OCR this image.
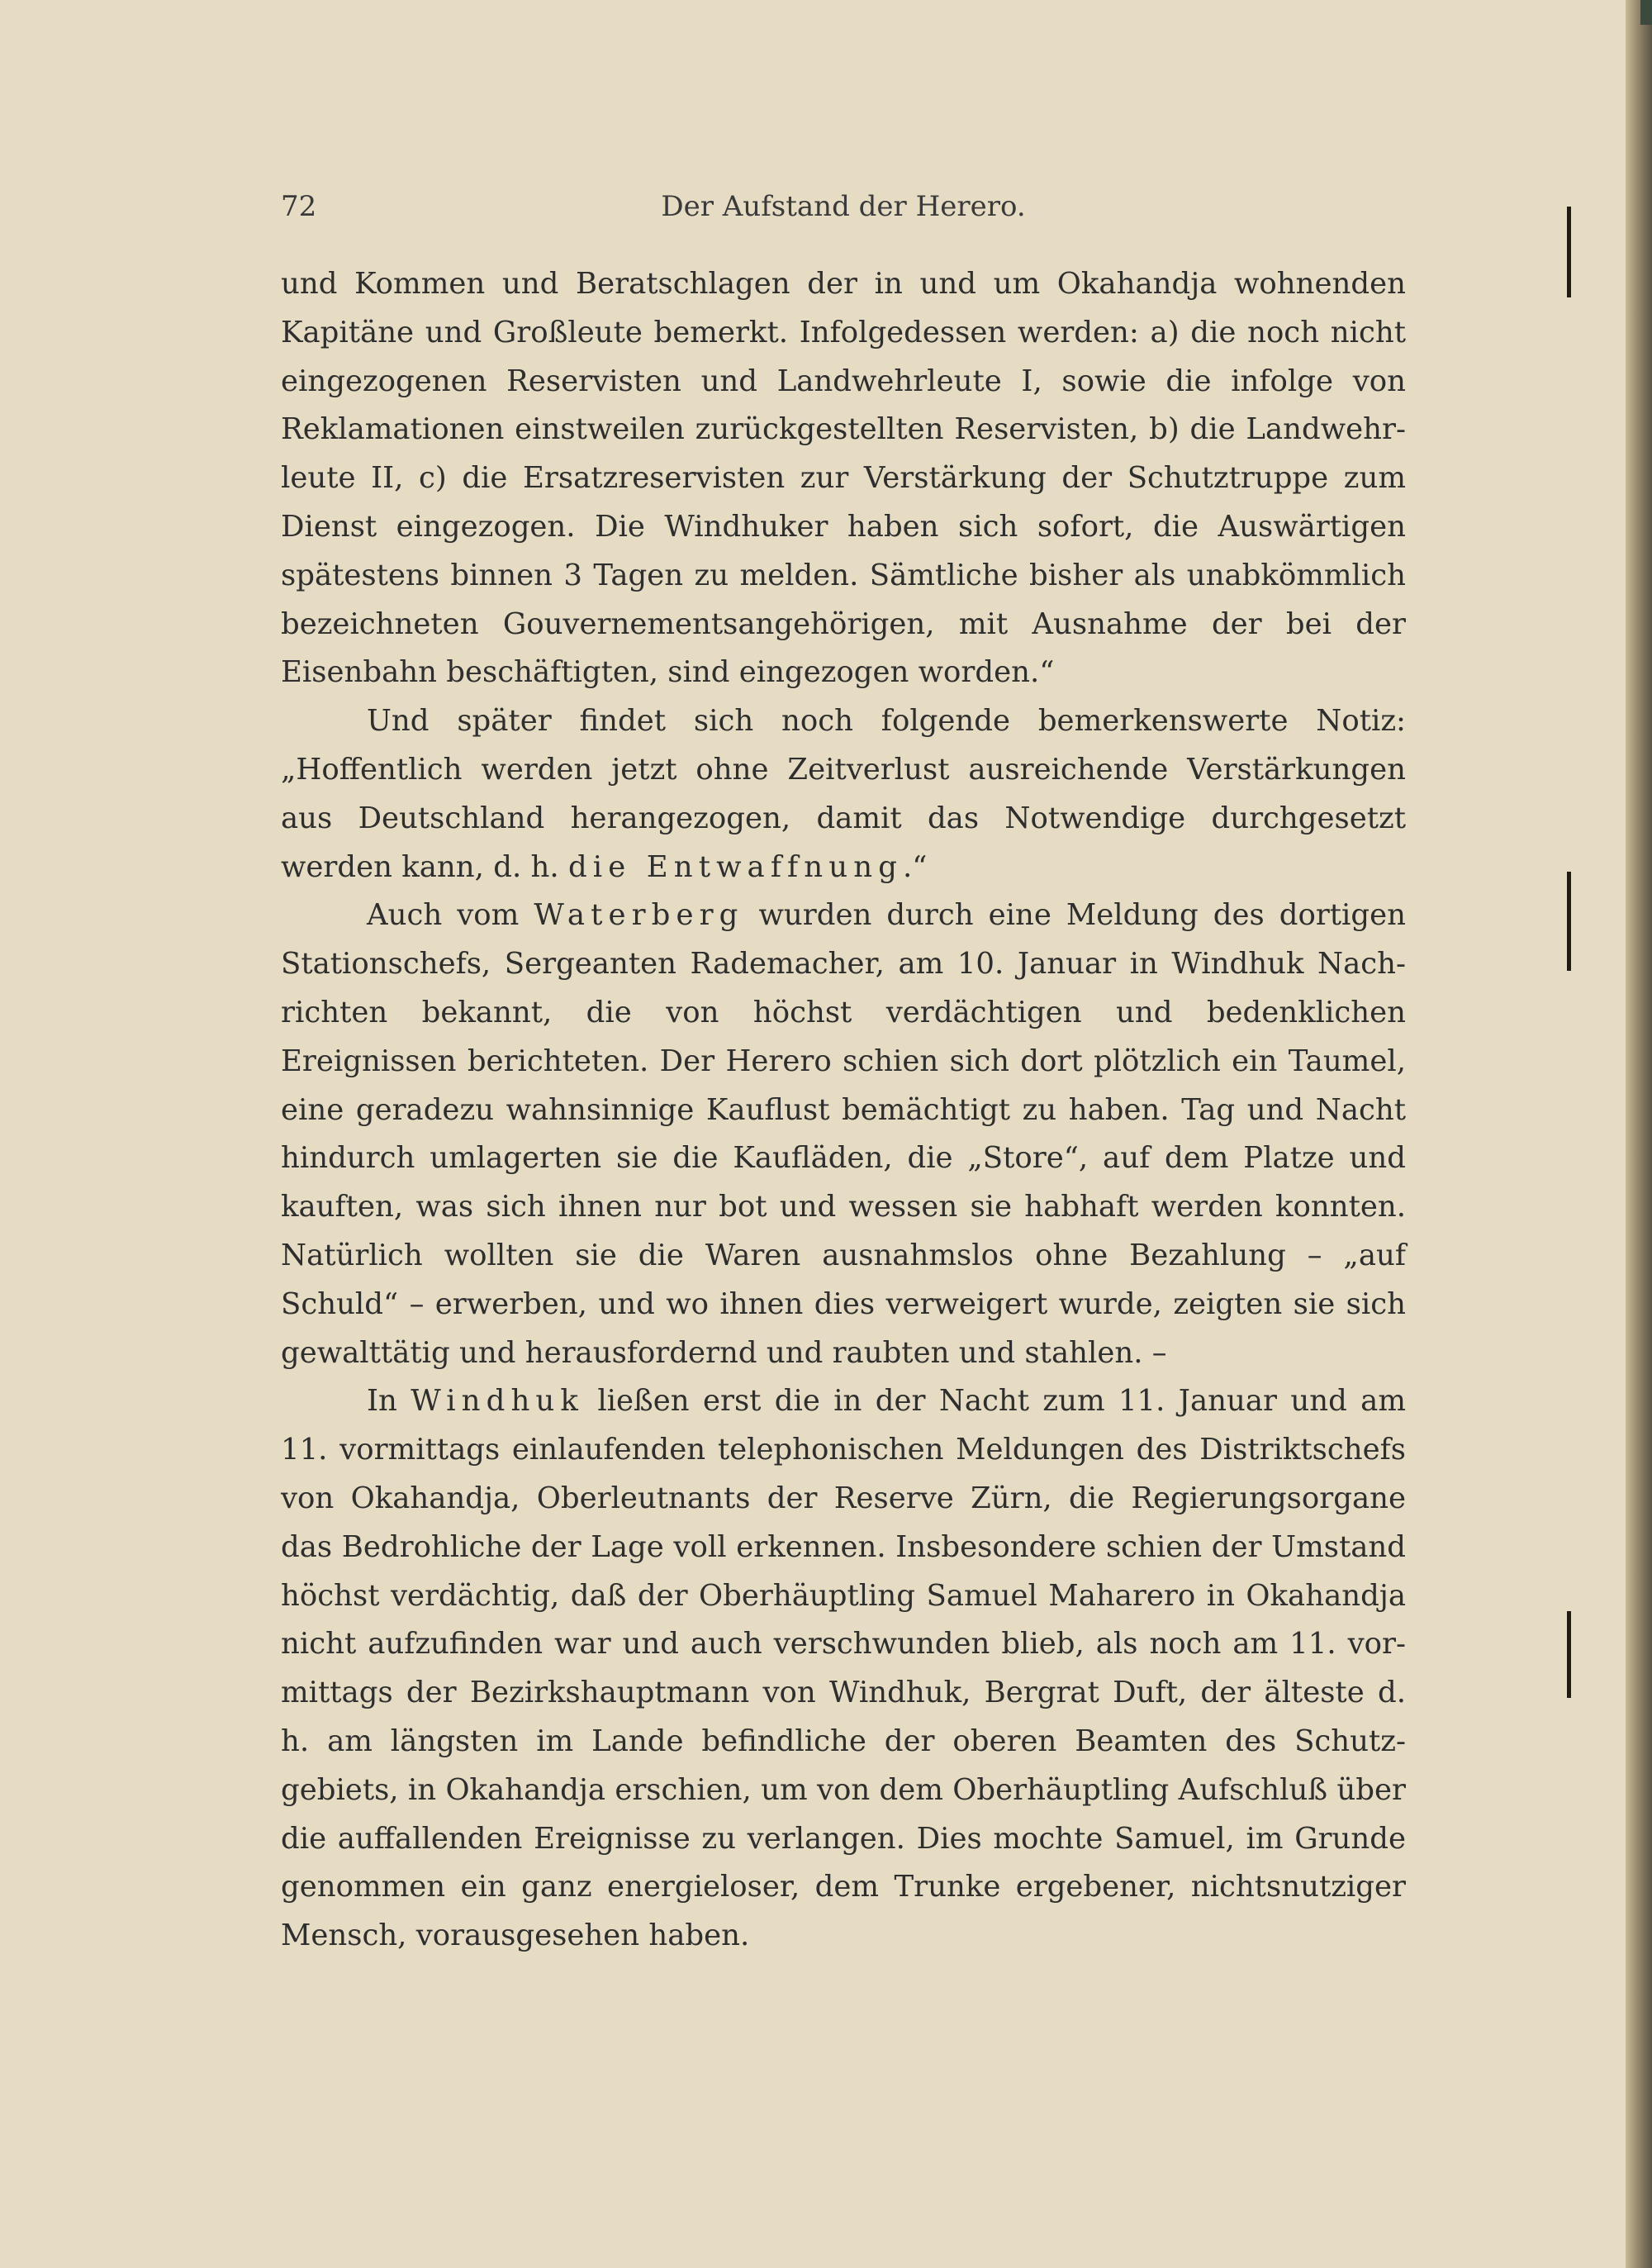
72	Der Aufstand der Herero.

und Kommen und Beratschlagen der in und um Okahandja wohnenden Kapitäne und Großleute bemerkt. Infolgedessen werden: a) die noch nicht eingezogenen Reservisten und Landwehrleute I, sowie die infolge von Reklamationen einstweilen zurückgestellten Reservisten, b) die Landwehrleute II, c) die Ersatzreservisten zur Verstärkung der Schutztruppe zum Dienst eingezogen. Die Windhuker haben sich sofort, die Auswärtigen spätestens binnen 3 Tagen zu melden. Sämtliche bisher als unabkömmlich bezeichneten Gouvernementsangehörigen, mit Ausnahme der bei der Eisenbahn beschäftigten, sind eingezogen worden.“

Und später findet sich noch folgende bemerkenswerte Notiz: „Hoffentlich werden jetzt ohne Zeitverlust ausreichende Verstärkungen aus Deutschland herangezogen, damit das Notwendige durchgesetzt werden kann, d. h. die Entwaffnung.“

Auch vom Waterberg wurden durch eine Meldung des dortigen Stationschefs, Sergeanten Rademacher, am 10. Januar in Windhuk Nachrichten bekannt, die von höchst verdächtigen und bedenklichen Ereignissen berichteten. Der Herero schien sich dort plötzlich ein Taumel, eine geradezu wahnsinnige Kauflust bemächtigt zu haben. Tag und Nacht hindurch umlagerten sie die Kaufläden, die „Store“, auf dem Platze und kauften, was sich ihnen nur bot und wessen sie habhaft werden konnten. Natürlich wollten sie die Waren ausnahmslos ohne Bezahlung – „auf Schuld“ – erwerben, und wo ihnen dies verweigert wurde, zeigten sie sich gewalttätig und herausfordernd und raubten und stahlen. –

In Windhuk ließen erst die in der Nacht zum 11. Januar und am 11. vormittags einlaufenden telephonischen Meldungen des Distriktschefs von Okahandja, Oberleutnants der Reserve Zürn, die Regierungsorgane das Bedrohliche der Lage voll erkennen. Insbesondere schien der Umstand höchst verdächtig, daß der Oberhäuptling Samuel Maharero in Okahandja nicht aufzufinden war und auch verschwunden blieb, als noch am 11. vormittags der Bezirkshauptmann von Windhuk, Bergrat Duft, der älteste d. h. am längsten im Lande befindliche der oberen Beamten des Schutzgebiets, in Okahandja erschien, um von dem Oberhäuptling Aufschluß über die auffallenden Ereignisse zu verlangen. Dies mochte Samuel, im Grunde genommen ein ganz energieloser, dem Trunke ergebener, nichtsnutziger Mensch, vorausgesehen haben.
